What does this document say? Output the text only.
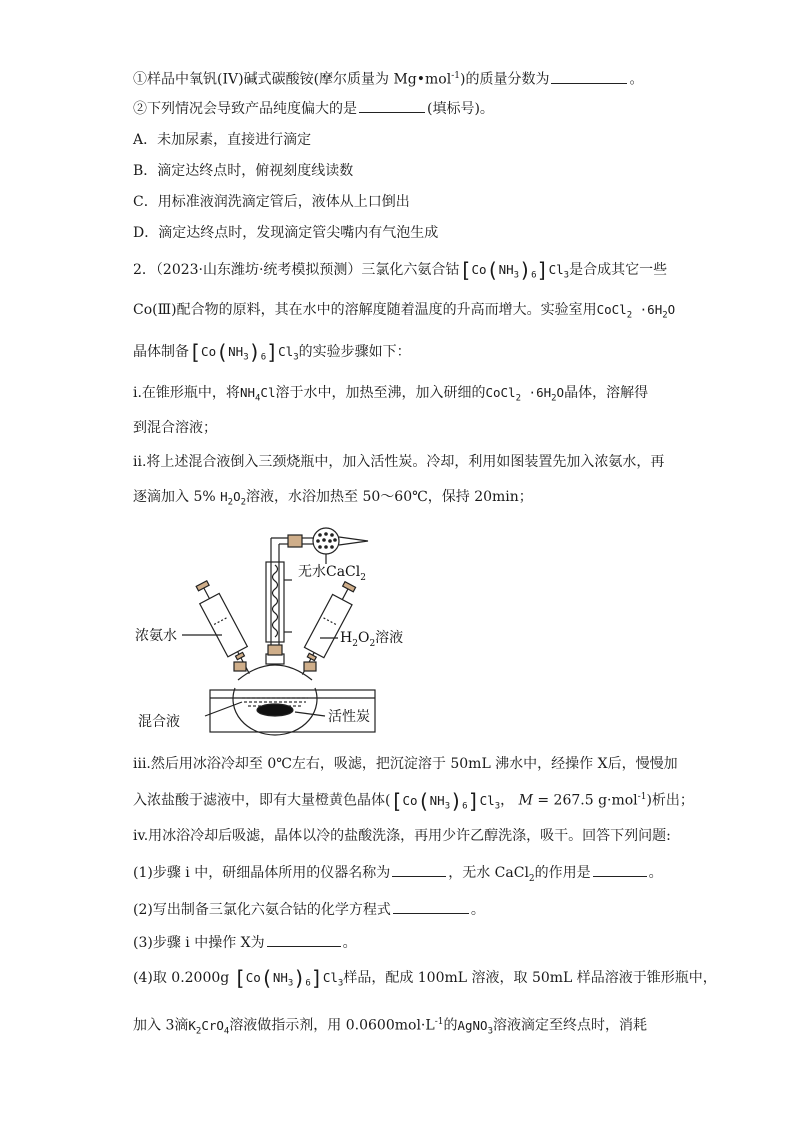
①样品中氧钒(IV)碱式碳酸铵(摩尔质量为 Mg•mol$^{-1}$)的质量分数为	。
②下列情况会导致产品纯度偏大的是	(填标号)。
A．未加尿素，直接进行滴定
B．滴定达终点时，俯视刻度线读数
C．用标准液润洗滴定管后，液体从上口倒出
D．滴定达终点时，发现滴定管尖嘴内有气泡生成
2．（2023·山东潍坊·统考模拟预测）三氯化六氨合钴$[Co(NH_3)_6]Cl_3$是合成其它一些
Co(Ⅲ)配合物的原料，其在水中的溶解度随着温度的升高而增大。实验室用CoCl$_2$ $\cdot 6H_2O$
晶体制备$[Co(NH_3)_6]Cl_3$的实验步骤如下：
i.在锥形瓶中，将$NH_4Cl$溶于水中，加热至沸，加入研细的CoCl$_2$ $\cdot 6H_2O$晶体，溶解得
到混合溶液；
ii.将上述混合液倒入三颈烧瓶中，加入活性炭。冷却，利用如图装置先加入浓氨水，再
逐滴加入 5% $H_2O_2$溶液，水浴加热至 50～60℃，保持 20min；
无水CaCl$_2$
浓氨水	$H_2O_2$溶液
混合液	活性炭
iii.然后用冰浴冷却至 0℃左右，吸滤，把沉淀溶于 50mL 沸水中，经操作 X后，慢慢加
入浓盐酸于滤液中，即有大量橙黄色晶体($[Co(NH_3)_6]Cl_3$， M = 267.5 g·mol$^{-1}$)析出；
iv.用冰浴冷却后吸滤，晶体以冷的盐酸洗涤，再用少许乙醇洗涤，吸干。回答下列问题:
(1)步骤 i 中，研细晶体所用的仪器名称为	，无水 CaCl$_2$的作用是	。
(2)写出制备三氯化六氨合钴的化学方程式	。
(3)步骤 i 中操作 X为	。
(4)取 0.2000g $[Co(NH_3)_6]Cl_3$样品，配成 100mL 溶液，取 50mL 样品溶液于锥形瓶中，
加入 3滴$K_2CrO_4$溶液做指示剂，用 $0.0600mol\cdot L^{-1}$的AgNO$_3$溶液滴定至终点时，消耗
